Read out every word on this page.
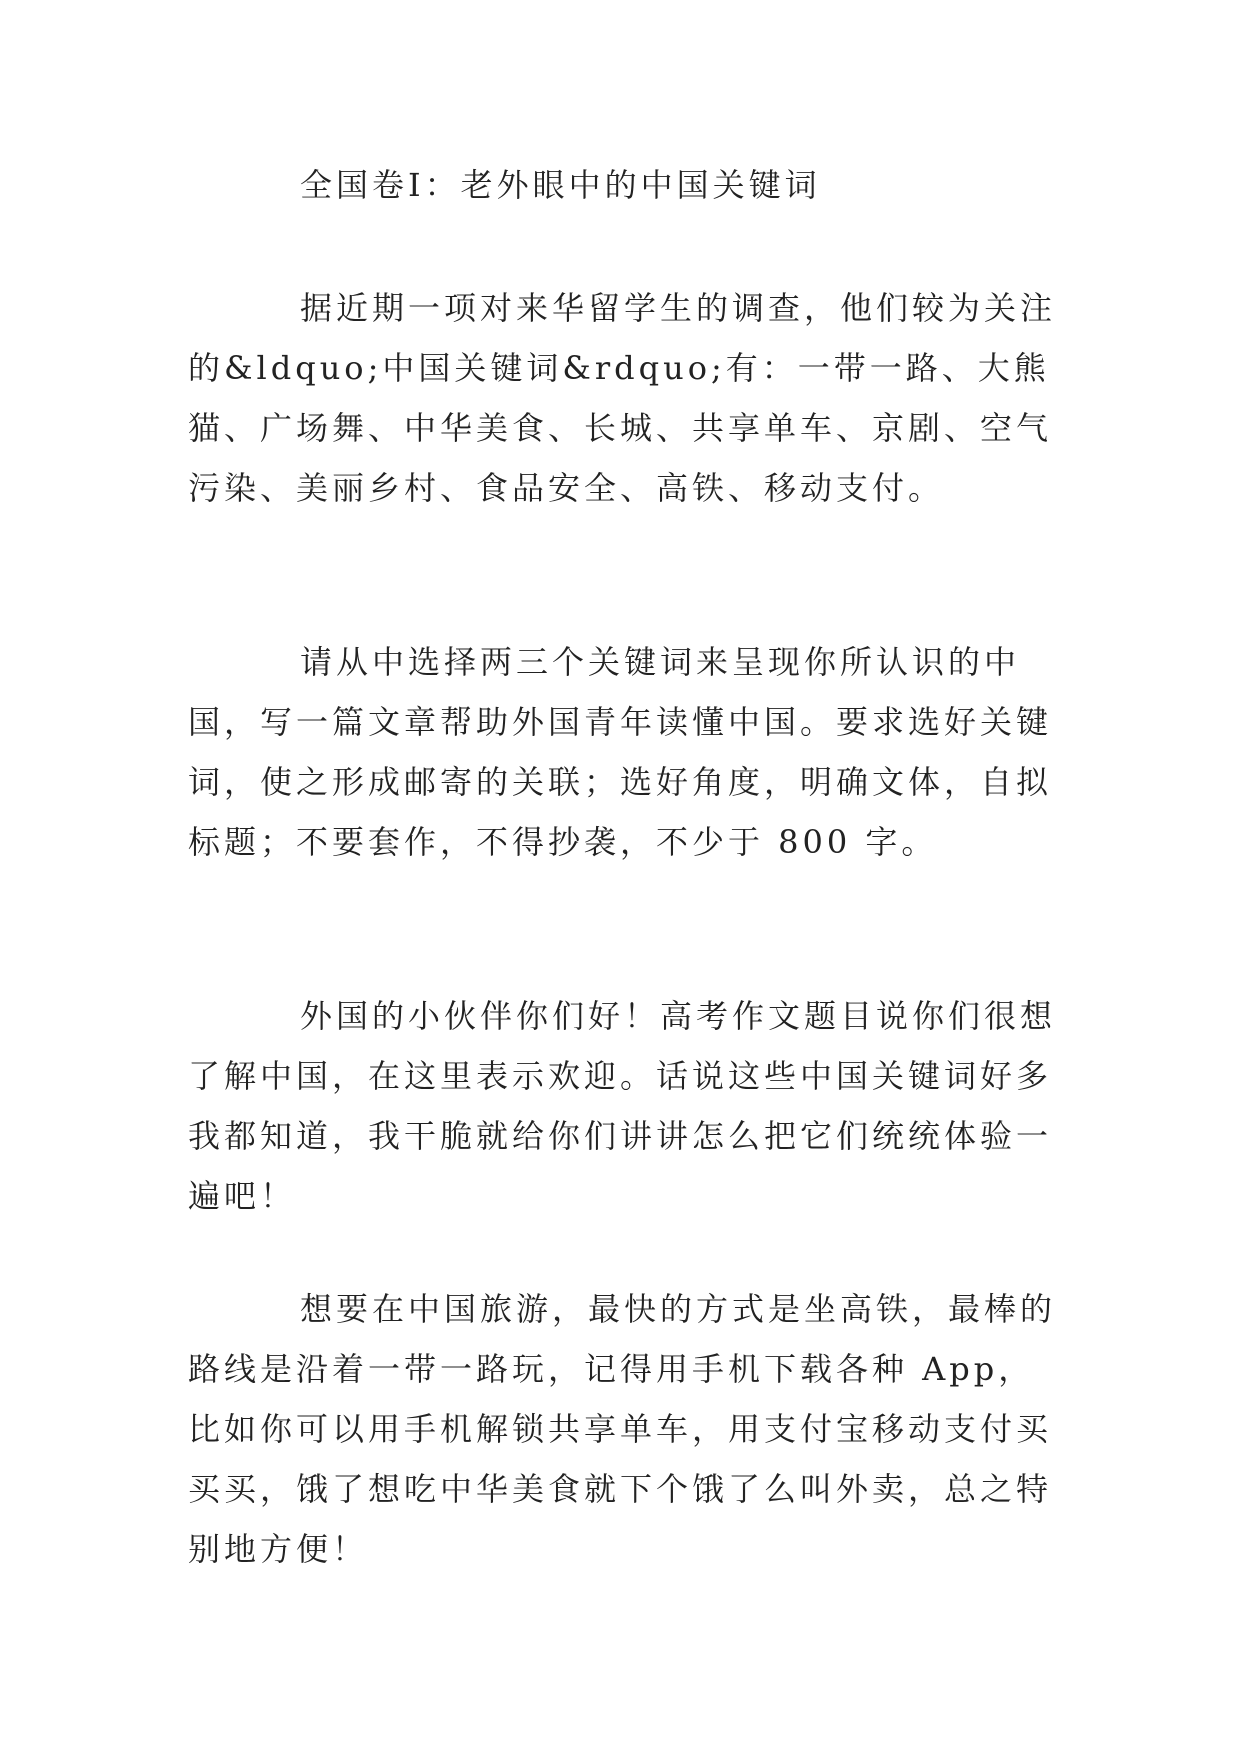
全国卷Ⅰ：老外眼中的中国关键词

据近期一项对来华留学生的调查，他们较为关注的&ldquo;中国关键词&rdquo;有：一带一路、大熊猫、广场舞、中华美食、长城、共享单车、京剧、空气污染、美丽乡村、食品安全、高铁、移动支付。

请从中选择两三个关键词来呈现你所认识的中国，写一篇文章帮助外国青年读懂中国。要求选好关键词，使之形成邮寄的关联；选好角度，明确文体，自拟标题；不要套作，不得抄袭，不少于 800 字。

外国的小伙伴你们好！高考作文题目说你们很想了解中国，在这里表示欢迎。话说这些中国关键词好多我都知道，我干脆就给你们讲讲怎么把它们统统体验一遍吧！

想要在中国旅游，最快的方式是坐高铁，最棒的路线是沿着一带一路玩，记得用手机下载各种 App，比如你可以用手机解锁共享单车，用支付宝移动支付买买买，饿了想吃中华美食就下个饿了么叫外卖，总之特别地方便！
